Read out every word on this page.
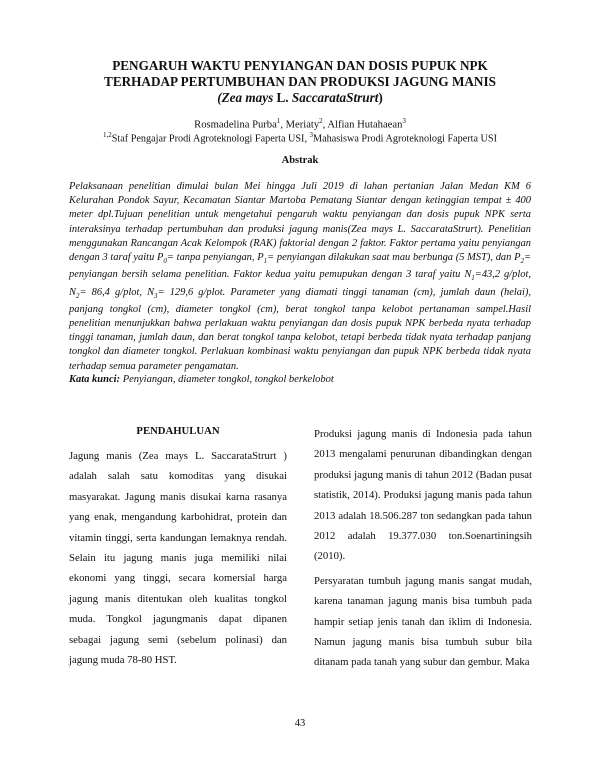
PENGARUH WAKTU PENYIANGAN DAN DOSIS PUPUK NPK
TERHADAP PERTUMBUHAN DAN PRODUKSI JAGUNG MANIS
(Zea mays L. SaccarataStrurt)
Rosmadelina Purba$^1$, Meriaty$^2$, Alfian Hutahaean$^3$
$^{1,2}$Staf Pengajar Prodi Agroteknologi Faperta USI, $^3$Mahasiswa Prodi Agroteknologi Faperta USI
Abstrak

Pelaksanaan penelitian dimulai bulan Mei hingga Juli 2019 di lahan pertanian Jalan Medan KM 6 Kelurahan Pondok Sayur, Kecamatan Siantar Martoba Pematang Siantar dengan ketinggian tempat ± 400 meter dpl.Tujuan penelitian untuk mengetahui pengaruh waktu penyiangan dan dosis pupuk NPK serta interaksinya terhadap pertumbuhan dan produksi jagung manis(Zea mays L. SaccarataStrurt). Penelitian menggunakan Rancangan Acak Kelompok (RAK) faktorial dengan 2 faktor. Faktor pertama yaitu penyiangan dengan 3 taraf yaitu $P_0=$ tanpa penyiangan, $P_1=$ penyiangan dilakukan saat mau berbunga (5 MST), dan $P_2=$ penyiangan bersih selama penelitian. Faktor kedua yaitu pemupukan dengan 3 taraf yaitu $N_1=43,2$ g/plot, $N_2= 86,4$ g/plot, $N_3= 129,6$ g/plot. Parameter yang diamati tinggi tanaman (cm), jumlah daun (helai), panjang tongkol (cm), diameter tongkol (cm), berat tongkol tanpa kelobot pertanaman sampel.Hasil penelitian menunjukkan bahwa perlakuan waktu penyiangan dan dosis pupuk NPK berbeda nyata terhadap tinggi tanaman, jumlah daun, dan berat tongkol tanpa kelobot, tetapi berbeda tidak nyata terhadap panjang tongkol dan diameter tongkol. Perlakuan kombinasi waktu penyiangan dan pupuk NPK berbeda tidak nyata terhadap semua parameter pengamatan.

Kata kunci: Penyiangan, diameter tongkol, tongkol berkelobot
PENDAHULUAN

Jagung manis (Zea mays L. SaccarataStrurt ) adalah salah satu komoditas yang disukai masyarakat. Jagung manis disukai karna rasanya yang enak, mengandung karbohidrat, protein dan vitamin tinggi, serta kandungan lemaknya rendah. Selain itu jagung manis juga memiliki nilai ekonomi yang tinggi, secara komersial harga jagung manis ditentukan oleh kualitas tongkol muda. Tongkol jagungmanis dapat dipanen sebagai jagung semi (sebelum polinasi) dan jagung muda 78-80 HST.

Produksi jagung manis di Indonesia pada tahun 2013 mengalami penurunan dibandingkan dengan produksi jagung manis di tahun 2012 (Badan pusat statistik, 2014). Produksi jagung manis pada tahun 2013 adalah 18.506.287 ton sedangkan pada tahun 2012 adalah 19.377.030 ton.Soenartiningsih (2010).
Persyaratan tumbuh jagung manis sangat mudah, karena tanaman jagung manis bisa tumbuh pada hampir setiap jenis tanah dan iklim di Indonesia. Namun jagung manis bisa tumbuh subur bila ditanam pada tanah yang subur dan gembur. Maka
43
